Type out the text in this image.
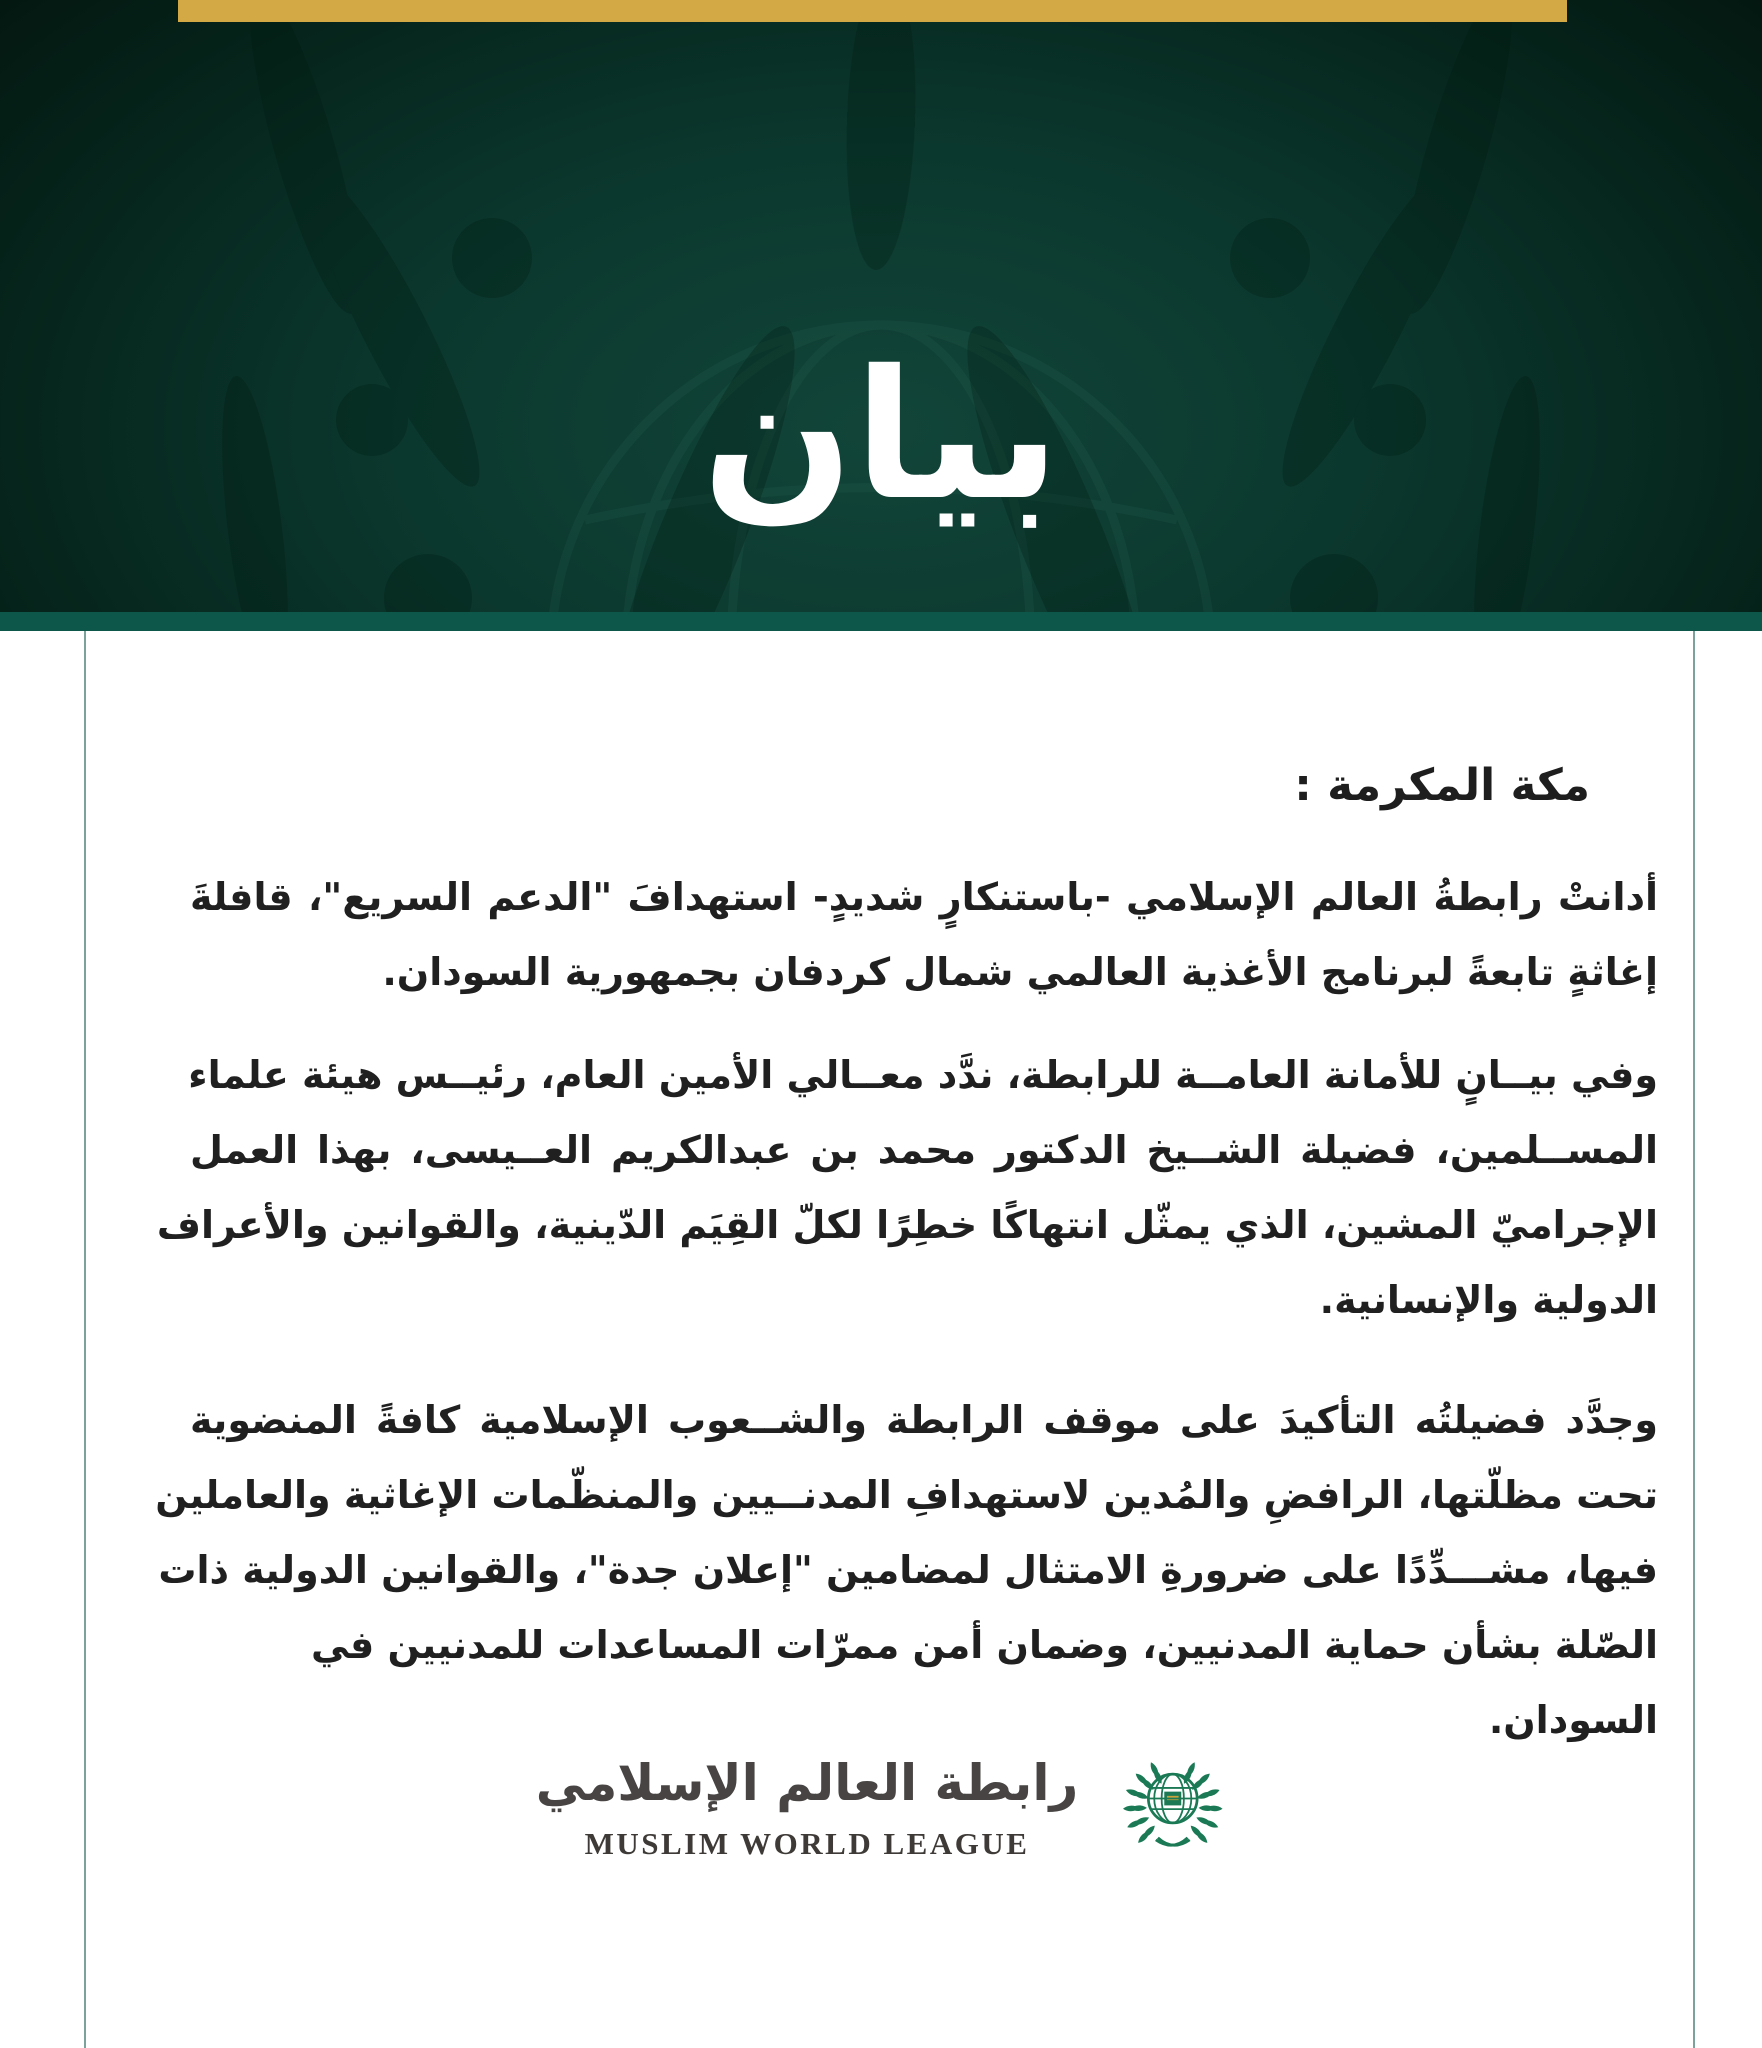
بيان
مكة المكرمة :
أدانتْ رابطةُ العالم الإسلامي -باستنكارٍ شديدٍ- استهدافَ "الدعم السريع"، قافلةَ
إغاثةٍ تابعةً لبرنامج الأغذية العالمي شمال كردفان بجمهورية السودان.
وفي بيــانٍ للأمانة العامــة للرابطة، ندَّد معــالي الأمين العام، رئيــس هيئة علماء
المســلمين، فضيلة الشــيخ الدكتور محمد بن عبدالكريم العــيسى، بهذا العمل
الإجراميّ المشين، الذي يمثّل انتهاكًا خطِرًا لكلّ القِيَم الدّينية، والقوانين والأعراف
الدولية والإنسانية.
وجدَّد فضيلتُه التأكيدَ على موقف الرابطة والشــعوب الإسلامية كافةً المنضوية
تحت مظلّتها، الرافضِ والمُدين لاستهدافِ المدنــيين والمنظّمات الإغاثية والعاملين
فيها، مشـــدِّدًا على ضرورةِ الامتثال لمضامين "إعلان جدة"، والقوانين الدولية ذات
الصّلة بشأن حماية المدنيين، وضمان أمن ممرّات المساعدات للمدنيين في السودان.
رابطة العالم الإسلامي
MUSLIM WORLD LEAGUE
